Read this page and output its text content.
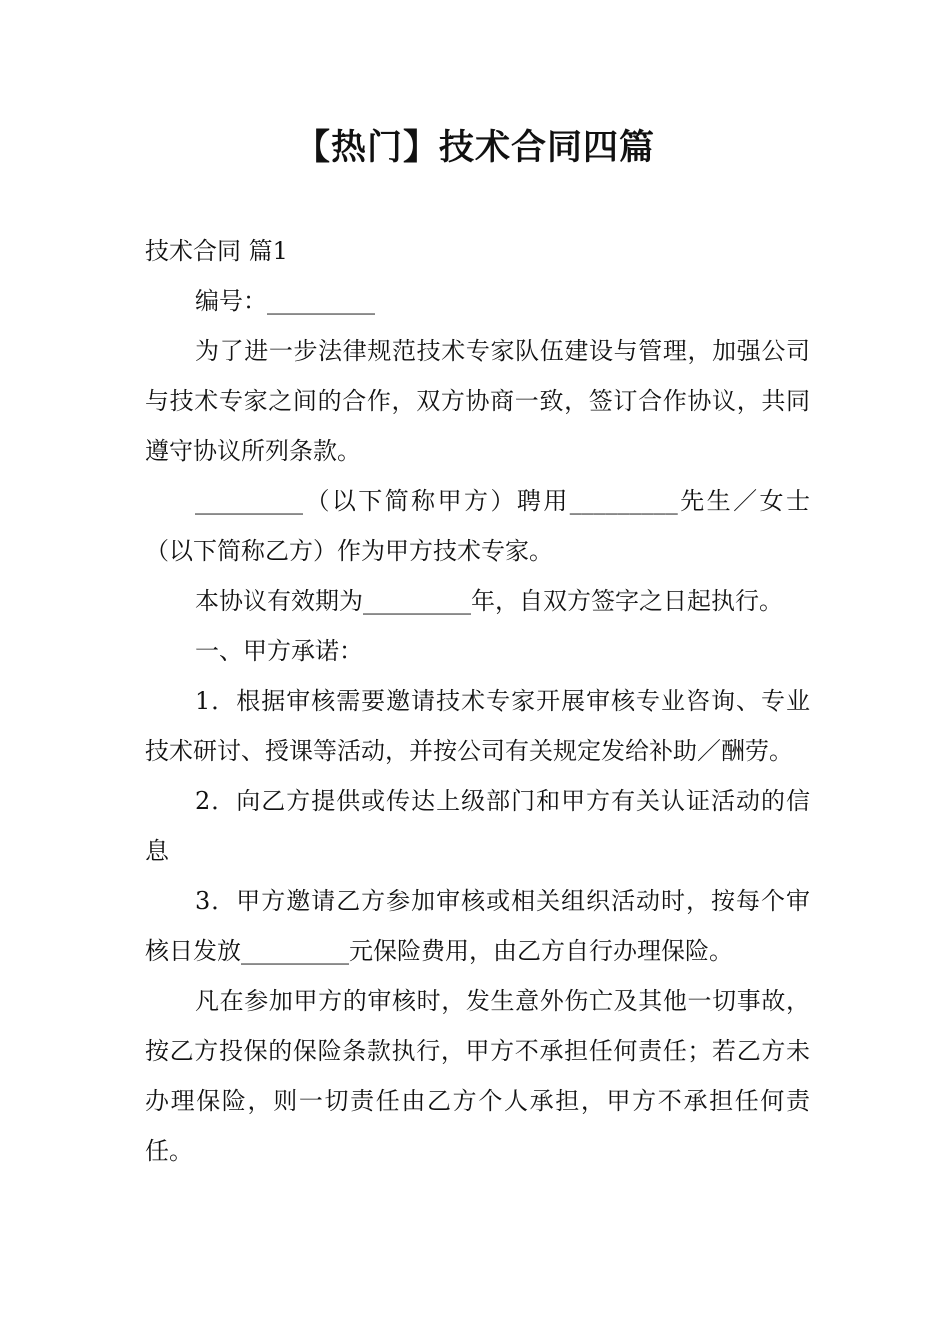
【热门】技术合同四篇

技术合同 篇1

编号：_________

为了进一步法律规范技术专家队伍建设与管理，加强公司与技术专家之间的合作，双方协商一致，签订合作协议，共同遵守协议所列条款。

_________（以下简称甲方）聘用_________先生／女士（以下简称乙方）作为甲方技术专家。

本协议有效期为_________年，自双方签字之日起执行。

一、甲方承诺：

1．根据审核需要邀请技术专家开展审核专业咨询、专业技术研讨、授课等活动，并按公司有关规定发给补助／酬劳。

2．向乙方提供或传达上级部门和甲方有关认证活动的信息

3．甲方邀请乙方参加审核或相关组织活动时，按每个审核日发放_________元保险费用，由乙方自行办理保险。

凡在参加甲方的审核时，发生意外伤亡及其他一切事故，按乙方投保的保险条款执行，甲方不承担任何责任；若乙方未办理保险，则一切责任由乙方个人承担，甲方不承担任何责任。
